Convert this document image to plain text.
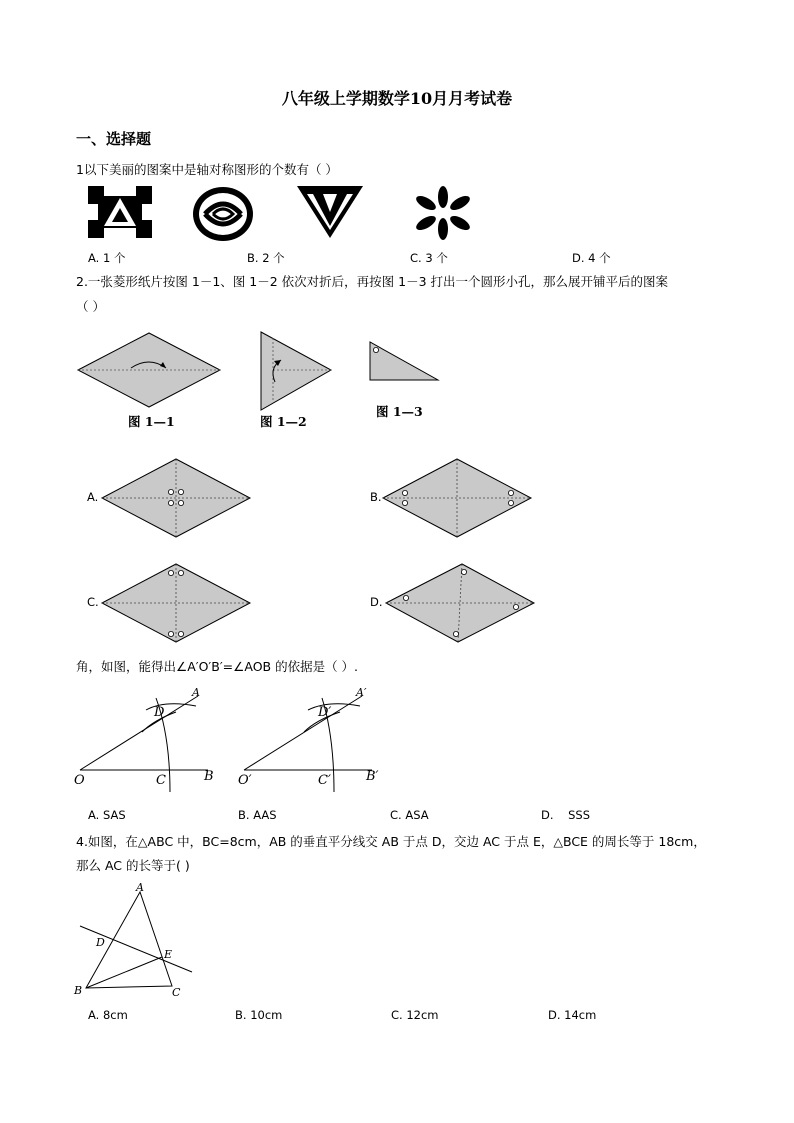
八年级上学期数学10月月考试卷
一、选择题
1以下美丽的图案中是轴对称图形的个数有（ ）
A. 1 个	B. 2 个	C. 3 个	D. 4 个
2.一张菱形纸片按图 1－1、图 1－2 依次对折后，再按图 1－3 打出一个圆形小孔，那么展开铺平后的图案
（ ）
图 1—1	图 1—2
图 1—3
A.	B.
C.	D.
角，如图，能得出∠A′O′B′=∠AOB 的依据是（ ）.
O	C	B
D
A
O′	C′	B′
D′
A′
A. SAS	B. AAS	C. ASA	D.    SSS
4.如图，在△ABC 中，BC=8cm，AB 的垂直平分线交 AB 于点 D，交边 AC 于点 E，△BCE 的周长等于 18cm，
那么 AC 的长等于( )
A
B	C
D
E
A. 8cm	B. 10cm	C. 12cm	D. 14cm
